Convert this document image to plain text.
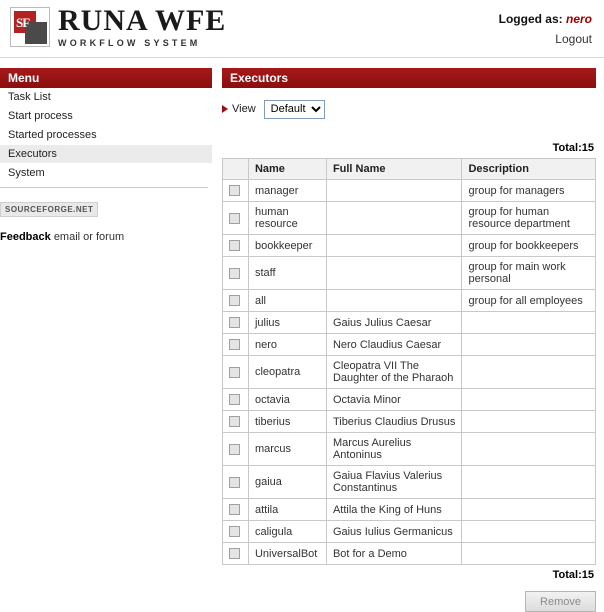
SF RUNA WFE
WORKFLOW SYSTEM
Logged as: nero
Logout
Menu
Task List
Start process
Started processes
Executors
System
SOURCEFORGE.NET
Feedback email or forum
Executors
View
Default
Total:15
	Name	Full Name	Description
	manager		group for managers
	human resource		group for human resource department
	bookkeeper		group for bookkeepers
	staff		group for main work personal
	all		group for all employees
	julius	Gaius Julius Caesar	
	nero	Nero Claudius Caesar	
	cleopatra	Cleopatra VII The Daughter of the Pharaoh	
	octavia	Octavia Minor	
	tiberius	Tiberius Claudius Drusus	
	marcus	Marcus Aurelius Antoninus	
	gaiua	Gaiua Flavius Valerius Constantinus	
	attila	Attila the King of Huns	
	caligula	Gaius Iulius Germanicus	
	UniversalBot	Bot for a Demo	
Total:15
Remove
